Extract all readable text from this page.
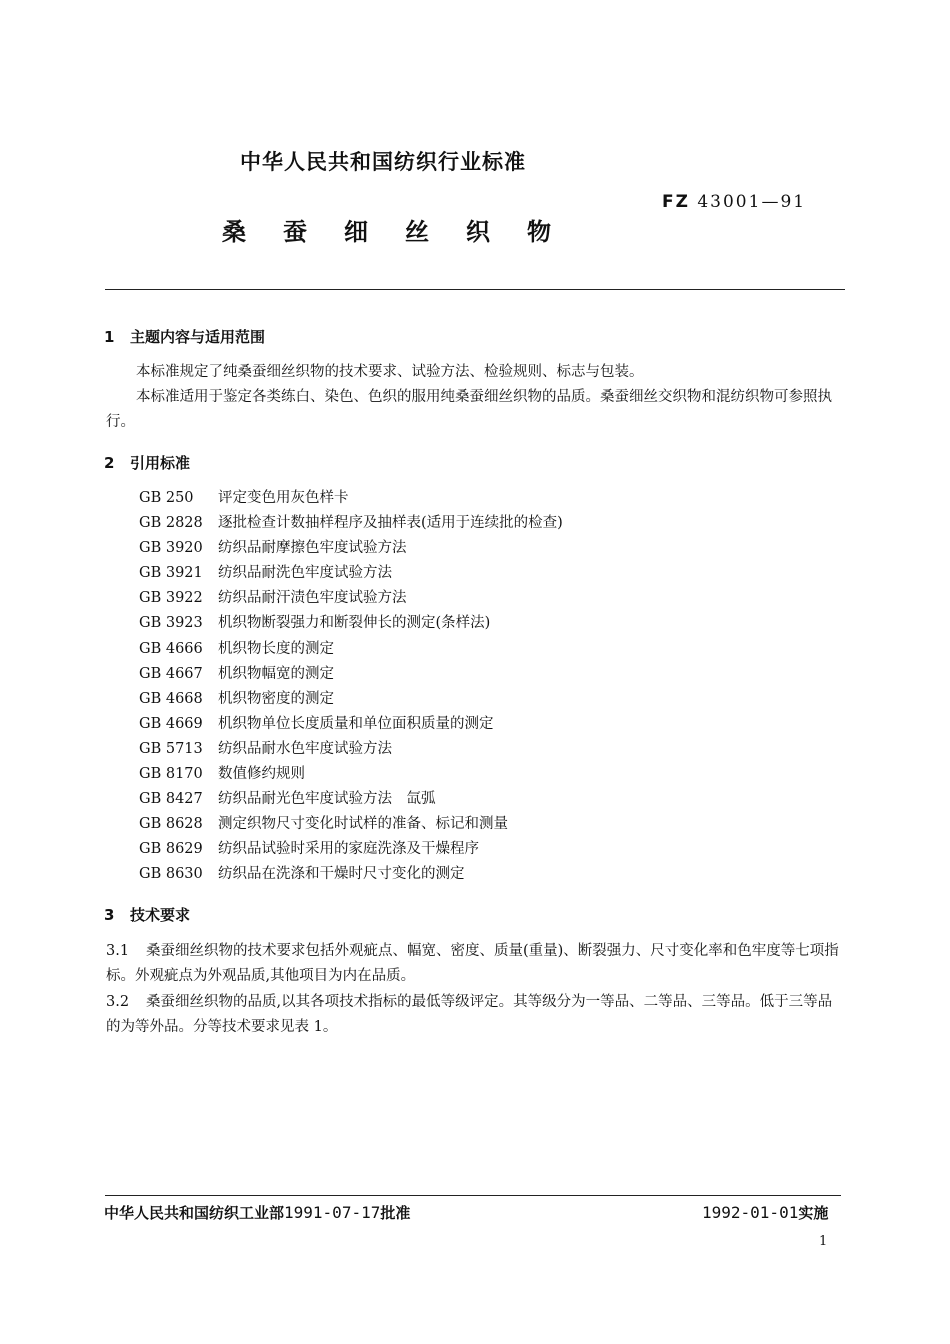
中华人民共和国纺织行业标准
FZ 43001—91
桑蚕细丝织物
1 主题内容与适用范围
本标准规定了纯桑蚕细丝织物的技术要求、试验方法、检验规则、标志与包装。
本标准适用于鉴定各类练白、染色、色织的服用纯桑蚕细丝织物的品质。桑蚕细丝交织物和混纺织物可参照执行。
2 引用标准
GB 250 评定变色用灰色样卡
GB 2828 逐批检查计数抽样程序及抽样表(适用于连续批的检查)
GB 3920 纺织品耐摩擦色牢度试验方法
GB 3921 纺织品耐洗色牢度试验方法
GB 3922 纺织品耐汗渍色牢度试验方法
GB 3923 机织物断裂强力和断裂伸长的测定(条样法)
GB 4666 机织物长度的测定
GB 4667 机织物幅宽的测定
GB 4668 机织物密度的测定
GB 4669 机织物单位长度质量和单位面积质量的测定
GB 5713 纺织品耐水色牢度试验方法
GB 8170 数值修约规则
GB 8427 纺织品耐光色牢度试验方法　氙弧
GB 8628 测定织物尺寸变化时试样的准备、标记和测量
GB 8629 纺织品试验时采用的家庭洗涤及干燥程序
GB 8630 纺织品在洗涤和干燥时尺寸变化的测定
3 技术要求
3.1 桑蚕细丝织物的技术要求包括外观疵点、幅宽、密度、质量(重量)、断裂强力、尺寸变化率和色牢度等七项指标。外观疵点为外观品质,其他项目为内在品质。
3.2 桑蚕细丝织物的品质,以其各项技术指标的最低等级评定。其等级分为一等品、二等品、三等品。低于三等品的为等外品。分等技术要求见表 1。
中华人民共和国纺织工业部1991-07-17批准	1992-01-01实施
1
